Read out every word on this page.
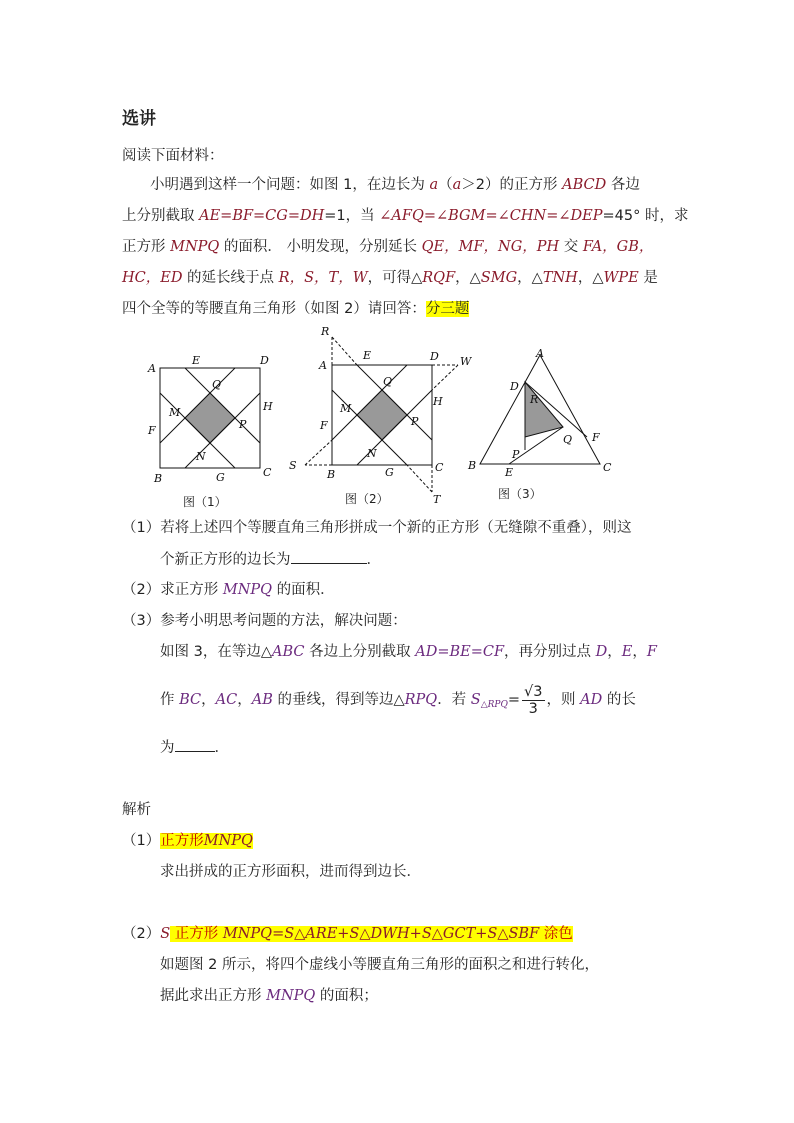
选讲
阅读下面材料：
小明遇到这样一个问题：如图 1，在边长为 a（a＞2）的正方形 ABCD 各边
上分别截取 AE=BF=CG=DH=1，当 ∠AFQ=∠BGM=∠CHN=∠DEP=45° 时，求
正方形 MNPQ 的面积． 小明发现，分别延长 QE，MF，NG，PH 交 FA，GB，
HC，ED 的延长线于点 R，S，T，W，可得△RQF，△SMG，△TNH，△WPE 是
四个全等的等腰直角三角形（如图 2）请回答：分三题
A
E	D
Q
H
M
P
F
N
B	G	C
图（1）
R
A
E	D W
Q
H
M
P
F
N
S
B	G	C
T
图（2）
A
D
R
F
Q
P
B
E	C
图（3）
（1）若将上述四个等腰直角三角形拼成一个新的正方形（无缝隙不重叠），则这
个新正方形的边长为	．
（2）求正方形 MNPQ 的面积．
（3）参考小明思考问题的方法，解决问题：
如图 3，在等边△ABC 各边上分别截取 AD=BE=CF，再分别过点 D，E，F
作 BC，AC，AB 的垂线，得到等边△RPQ．若 $S_{\triangle RPQ}= \frac{√3}{3}$ ，则 AD 的长
为	．
解析
（1）正方形MNPQ
求出拼成的正方形面积，进而得到边长．
（2）S 正方形 MNPQ=S△ARE+S△DWH+S△GCT+S△SBF 涂色
如题图 2 所示，将四个虚线小等腰直角三角形的面积之和进行转化，
据此求出正方形 MNPQ 的面积；
